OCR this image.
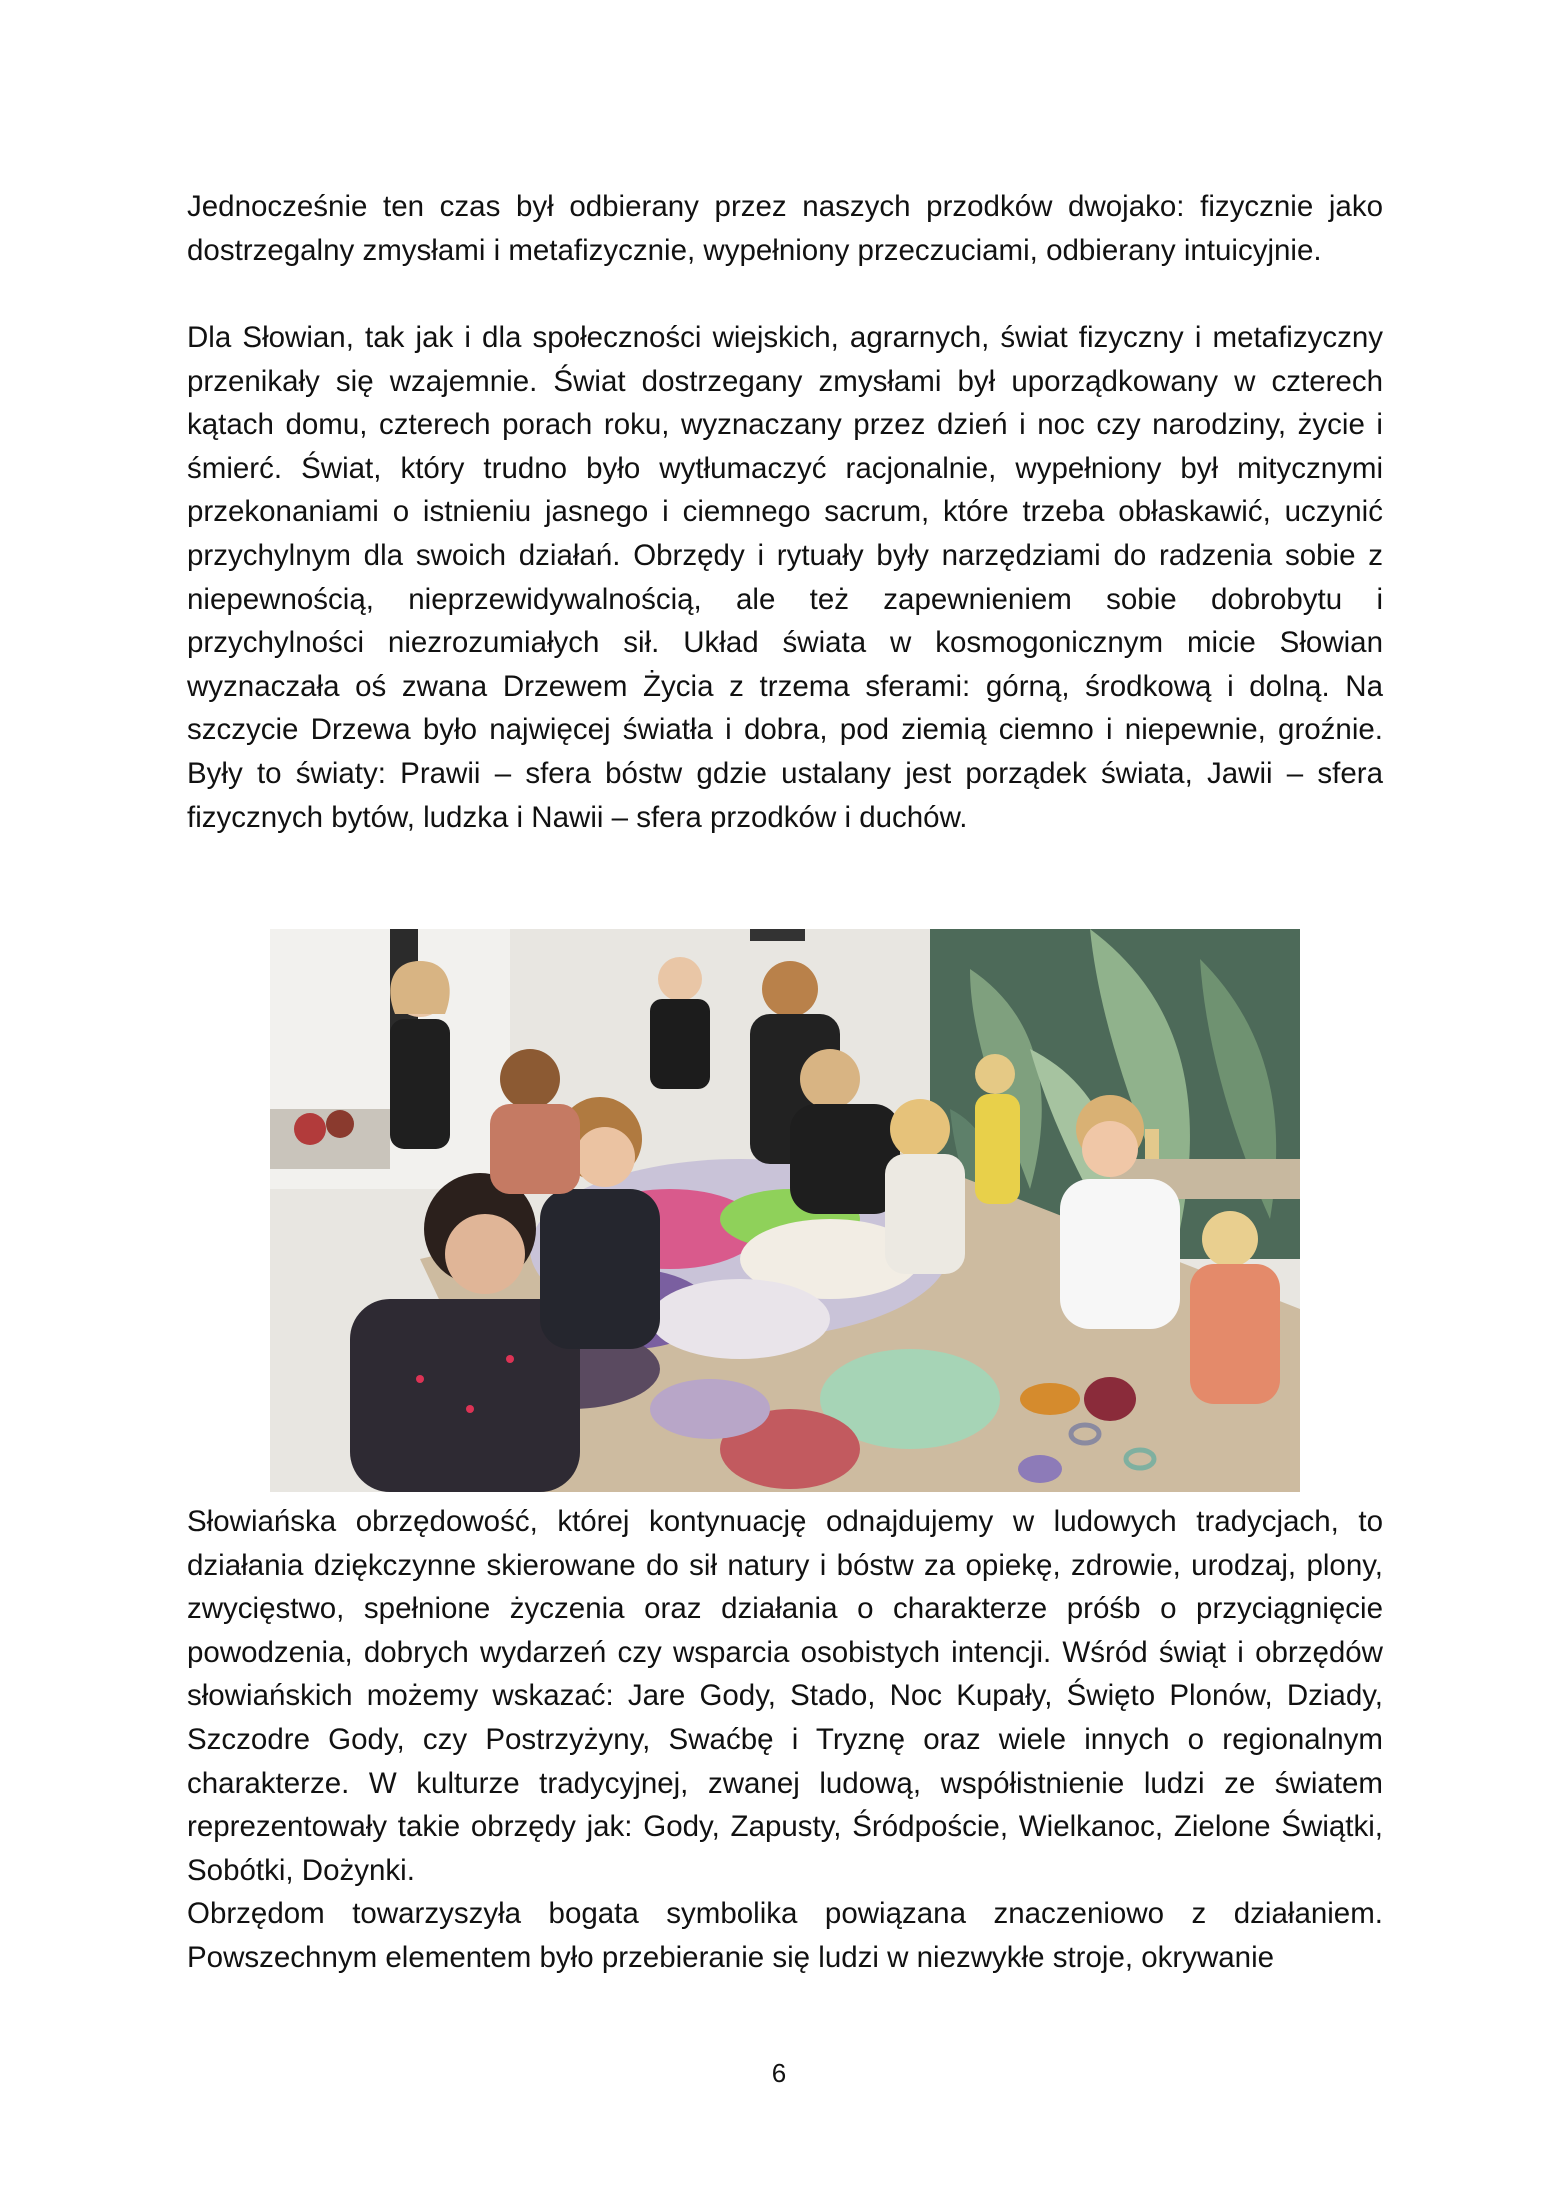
Jednocześnie ten czas był odbierany przez naszych przodków dwojako: fizycznie jako dostrzegalny zmysłami i metafizycznie, wypełniony przeczuciami, odbierany intuicyjnie.

Dla Słowian, tak jak i dla społeczności wiejskich, agrarnych, świat fizyczny i metafizyczny przenikały się wzajemnie. Świat dostrzegany zmysłami był uporządkowany w czterech kątach domu, czterech porach roku, wyznaczany przez dzień i noc czy narodziny, życie i śmierć. Świat, który trudno było wytłumaczyć racjonalnie, wypełniony był mitycznymi przekonaniami o istnieniu jasnego i ciemnego sacrum, które trzeba obłaskawić, uczynić przychylnym dla swoich działań. Obrzędy i rytuały były narzędziami do radzenia sobie z niepewnością, nieprzewidywalnością, ale też zapewnieniem sobie dobrobytu i przychylności niezrozumiałych sił. Układ świata w kosmogonicznym micie Słowian wyznaczała oś zwana Drzewem Życia z trzema sferami: górną, środkową i dolną. Na szczycie Drzewa było najwięcej światła i dobra, pod ziemią ciemno i niepewnie, groźnie. Były to światy: Prawii – sfera bóstw gdzie ustalany jest porządek świata, Jawii – sfera fizycznych bytów, ludzka i Nawii – sfera przodków i duchów.

Słowiańska obrzędowość, której kontynuację odnajdujemy w ludowych tradycjach, to działania dziękczynne skierowane do sił natury i bóstw za opiekę, zdrowie, urodzaj, plony, zwycięstwo, spełnione życzenia oraz działania o charakterze próśb o przyciągnięcie powodzenia, dobrych wydarzeń czy wsparcia osobistych intencji. Wśród świąt i obrzędów słowiańskich możemy wskazać: Jare Gody, Stado, Noc Kupały, Święto Plonów, Dziady, Szczodre Gody, czy Postrzyżyny, Swaćbę i Tryznę oraz wiele innych o regionalnym charakterze. W kulturze tradycyjnej, zwanej ludową, współistnienie ludzi ze światem reprezentowały takie obrzędy jak: Gody, Zapusty, Śródpoście, Wielkanoc, Zielone Świątki, Sobótki, Dożynki.

Obrzędom towarzyszyła bogata symbolika powiązana znaczeniowo z działaniem. Powszechnym elementem było przebieranie się ludzi w niezwykłe stroje, okrywanie

6
